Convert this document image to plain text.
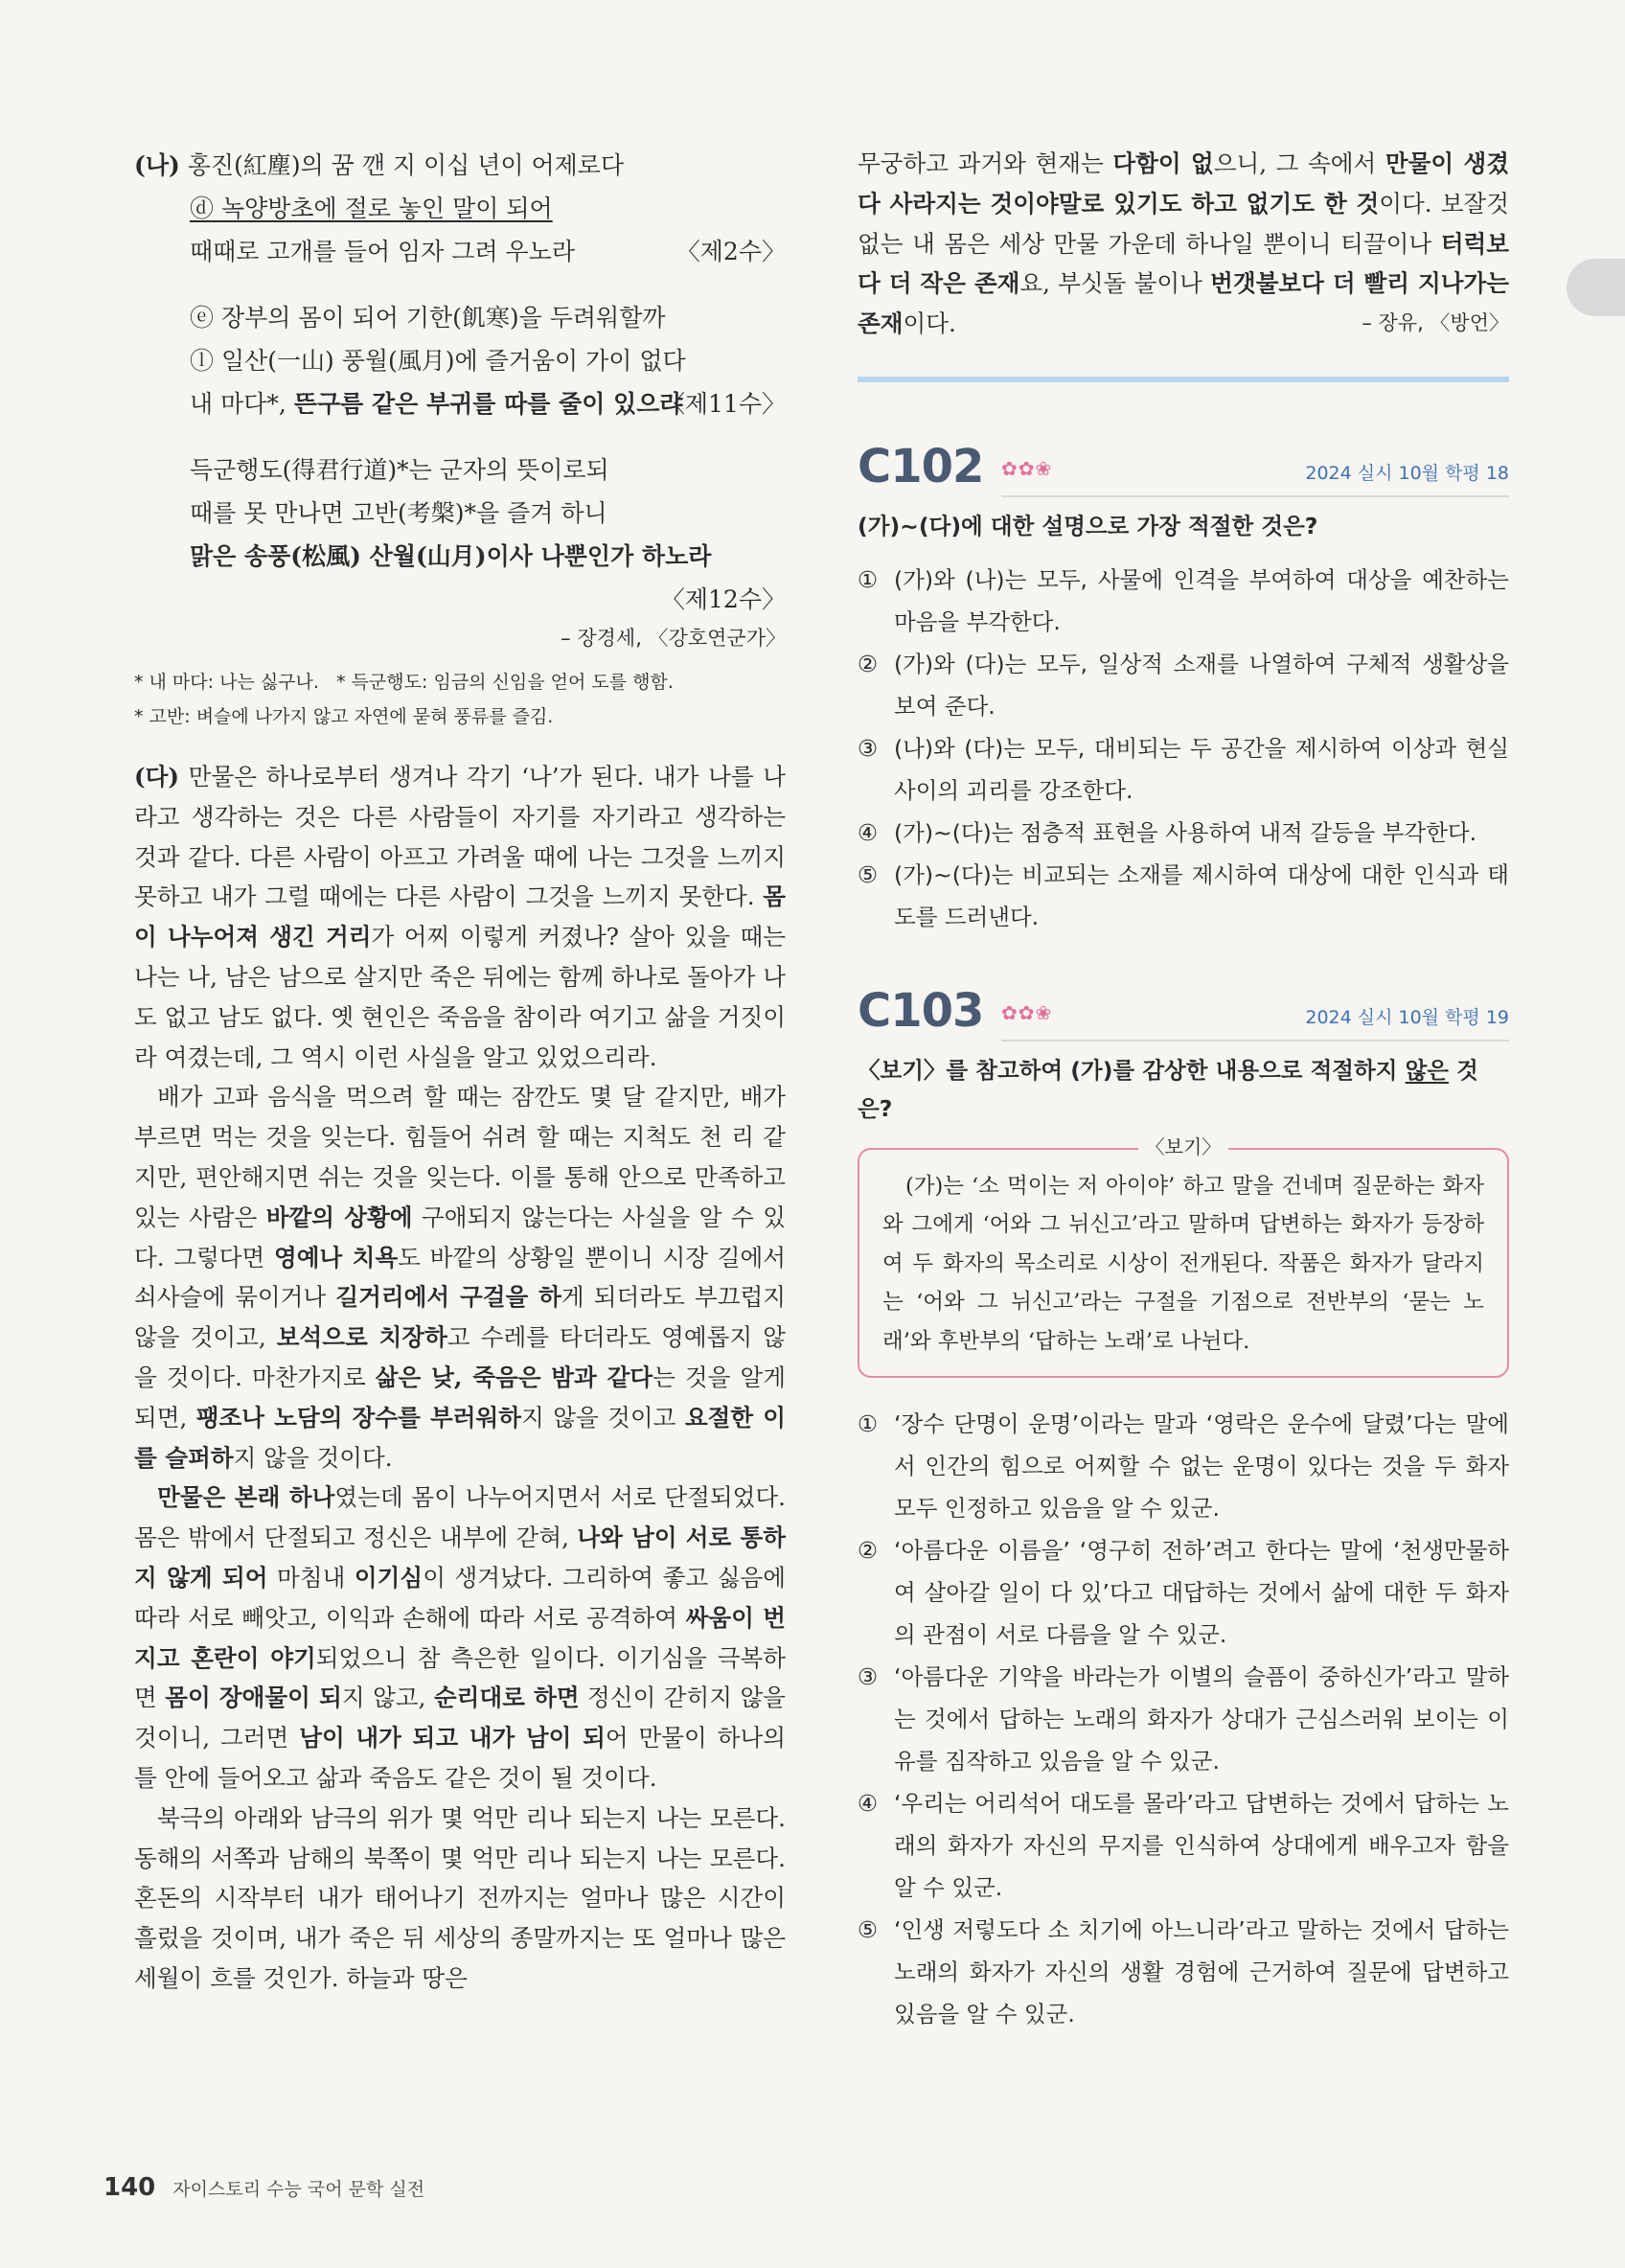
(나) 홍진(紅塵)의 꿈 깬 지 이십 년이 어제로다
ⓓ 녹양방초에 절로 놓인 말이 되어
때때로 고개를 들어 임자 그려 우노라	〈제2수〉
ⓔ 장부의 몸이 되어 기한(飢寒)을 두려워할까
ⓛ 일산(一山) 풍월(風月)에 즐거움이 가이 없다
내 마다*, 뜬구름 같은 부귀를 따를 줄이 있으랴
〈제11수〉
득군행도(得君行道)*는 군자의 뜻이로되
때를 못 만나면 고반(考槃)*을 즐겨 하니
맑은 송풍(松風) 산월(山月)이사 나뿐인가 하노라
〈제12수〉
– 장경세, 〈강호연군가〉
* 내 마다: 나는 싫구나. * 득군행도: 임금의 신임을 얻어 도를 행함.
* 고반: 벼슬에 나가지 않고 자연에 묻혀 풍류를 즐김.

(다) 만물은 하나로부터 생겨나 각기 ‘나’가 된다. 내가 나를 나라고 생각하는 것은 다른 사람들이 자기를 자기라고 생각하는 것과 같다. 다른 사람이 아프고 가려울 때에 나는 그것을 느끼지 못하고 내가 그럴 때에는 다른 사람이 그것을 느끼지 못한다. 몸이 나누어져 생긴 거리가 어찌 이렇게 커졌나? 살아 있을 때는 나는 나, 남은 남으로 살지만 죽은 뒤에는 함께 하나로 돌아가 나도 없고 남도 없다. 옛 현인은 죽음을 참이라 여기고 삶을 거짓이라 여겼는데, 그 역시 이런 사실을 알고 있었으리라.

배가 고파 음식을 먹으려 할 때는 잠깐도 몇 달 같지만, 배가 부르면 먹는 것을 잊는다. 힘들어 쉬려 할 때는 지척도 천 리 같지만, 편안해지면 쉬는 것을 잊는다. 이를 통해 안으로 만족하고 있는 사람은 바깥의 상황에 구애되지 않는다는 사실을 알 수 있다. 그렇다면 영예나 치욕도 바깥의 상황일 뿐이니 시장 길에서 쇠사슬에 묶이거나 길거리에서 구걸을 하게 되더라도 부끄럽지 않을 것이고, 보석으로 치장하고 수레를 타더라도 영예롭지 않을 것이다. 마찬가지로 삶은 낮, 죽음은 밤과 같다는 것을 알게 되면, 팽조나 노담의 장수를 부러워하지 않을 것이고 요절한 이를 슬퍼하지 않을 것이다.

만물은 본래 하나였는데 몸이 나누어지면서 서로 단절되었다. 몸은 밖에서 단절되고 정신은 내부에 갇혀, 나와 남이 서로 통하지 않게 되어 마침내 이기심이 생겨났다. 그리하여 좋고 싫음에 따라 서로 빼앗고, 이익과 손해에 따라 서로 공격하여 싸움이 번지고 혼란이 야기되었으니 참 측은한 일이다. 이기심을 극복하면 몸이 장애물이 되지 않고, 순리대로 하면 정신이 갇히지 않을 것이니, 그러면 남이 내가 되고 내가 남이 되어 만물이 하나의 틀 안에 들어오고 삶과 죽음도 같은 것이 될 것이다.

북극의 아래와 남극의 위가 몇 억만 리나 되는지 나는 모른다. 동해의 서쪽과 남해의 북쪽이 몇 억만 리나 되는지 나는 모른다. 혼돈의 시작부터 내가 태어나기 전까지는 얼마나 많은 시간이 흘렀을 것이며, 내가 죽은 뒤 세상의 종말까지는 또 얼마나 많은 세월이 흐를 것인가. 하늘과 땅은

무궁하고 과거와 현재는 다함이 없으니, 그 속에서 만물이 생겼다 사라지는 것이야말로 있기도 하고 없기도 한 것이다. 보잘것없는 내 몸은 세상 만물 가운데 하나일 뿐이니 티끌이나 터럭보다 더 작은 존재요, 부싯돌 불이나 번갯불보다 더 빨리 지나가는 존재이다.	– 장유, 〈방언〉

C102 ✿✿❀	2024 실시 10월 학평 18
(가)~(다)에 대한 설명으로 가장 적절한 것은?

① (가)와 (나)는 모두, 사물에 인격을 부여하여 대상을 예찬하는 마음을 부각한다.

② (가)와 (다)는 모두, 일상적 소재를 나열하여 구체적 생활상을 보여 준다.

③ (나)와 (다)는 모두, 대비되는 두 공간을 제시하여 이상과 현실 사이의 괴리를 강조한다.

④ (가)~(다)는 점층적 표현을 사용하여 내적 갈등을 부각한다.

⑤ (가)~(다)는 비교되는 소재를 제시하여 대상에 대한 인식과 태도를 드러낸다.

C103 ✿✿❀	2024 실시 10월 학평 19
〈보기〉를 참고하여 (가)를 감상한 내용으로 적절하지 않은 것은?
〈보기〉
(가)는 ‘소 먹이는 저 아이야’ 하고 말을 건네며 질문하는 화자와 그에게 ‘어와 그 뉘신고’라고 말하며 답변하는 화자가 등장하여 두 화자의 목소리로 시상이 전개된다. 작품은 화자가 달라지는 ‘어와 그 뉘신고’라는 구절을 기점으로 전반부의 ‘묻는 노래’와 후반부의 ‘답하는 노래’로 나뉜다.

① ‘장수 단명이 운명’이라는 말과 ‘영락은 운수에 달렸’다는 말에서 인간의 힘으로 어찌할 수 없는 운명이 있다는 것을 두 화자 모두 인정하고 있음을 알 수 있군.

② ‘아름다운 이름을’ ‘영구히 전하’려고 한다는 말에 ‘천생만물하여 살아갈 일이 다 있’다고 대답하는 것에서 삶에 대한 두 화자의 관점이 서로 다름을 알 수 있군.

③ ‘아름다운 기약을 바라는가 이별의 슬픔이 중하신가’라고 말하는 것에서 답하는 노래의 화자가 상대가 근심스러워 보이는 이유를 짐작하고 있음을 알 수 있군.

④ ‘우리는 어리석어 대도를 몰라’라고 답변하는 것에서 답하는 노래의 화자가 자신의 무지를 인식하여 상대에게 배우고자 함을 알 수 있군.

⑤ ‘인생 저렇도다 소 치기에 아느니라’라고 말하는 것에서 답하는 노래의 화자가 자신의 생활 경험에 근거하여 질문에 답변하고 있음을 알 수 있군.

140 자이스토리 수능 국어 문학 실전
